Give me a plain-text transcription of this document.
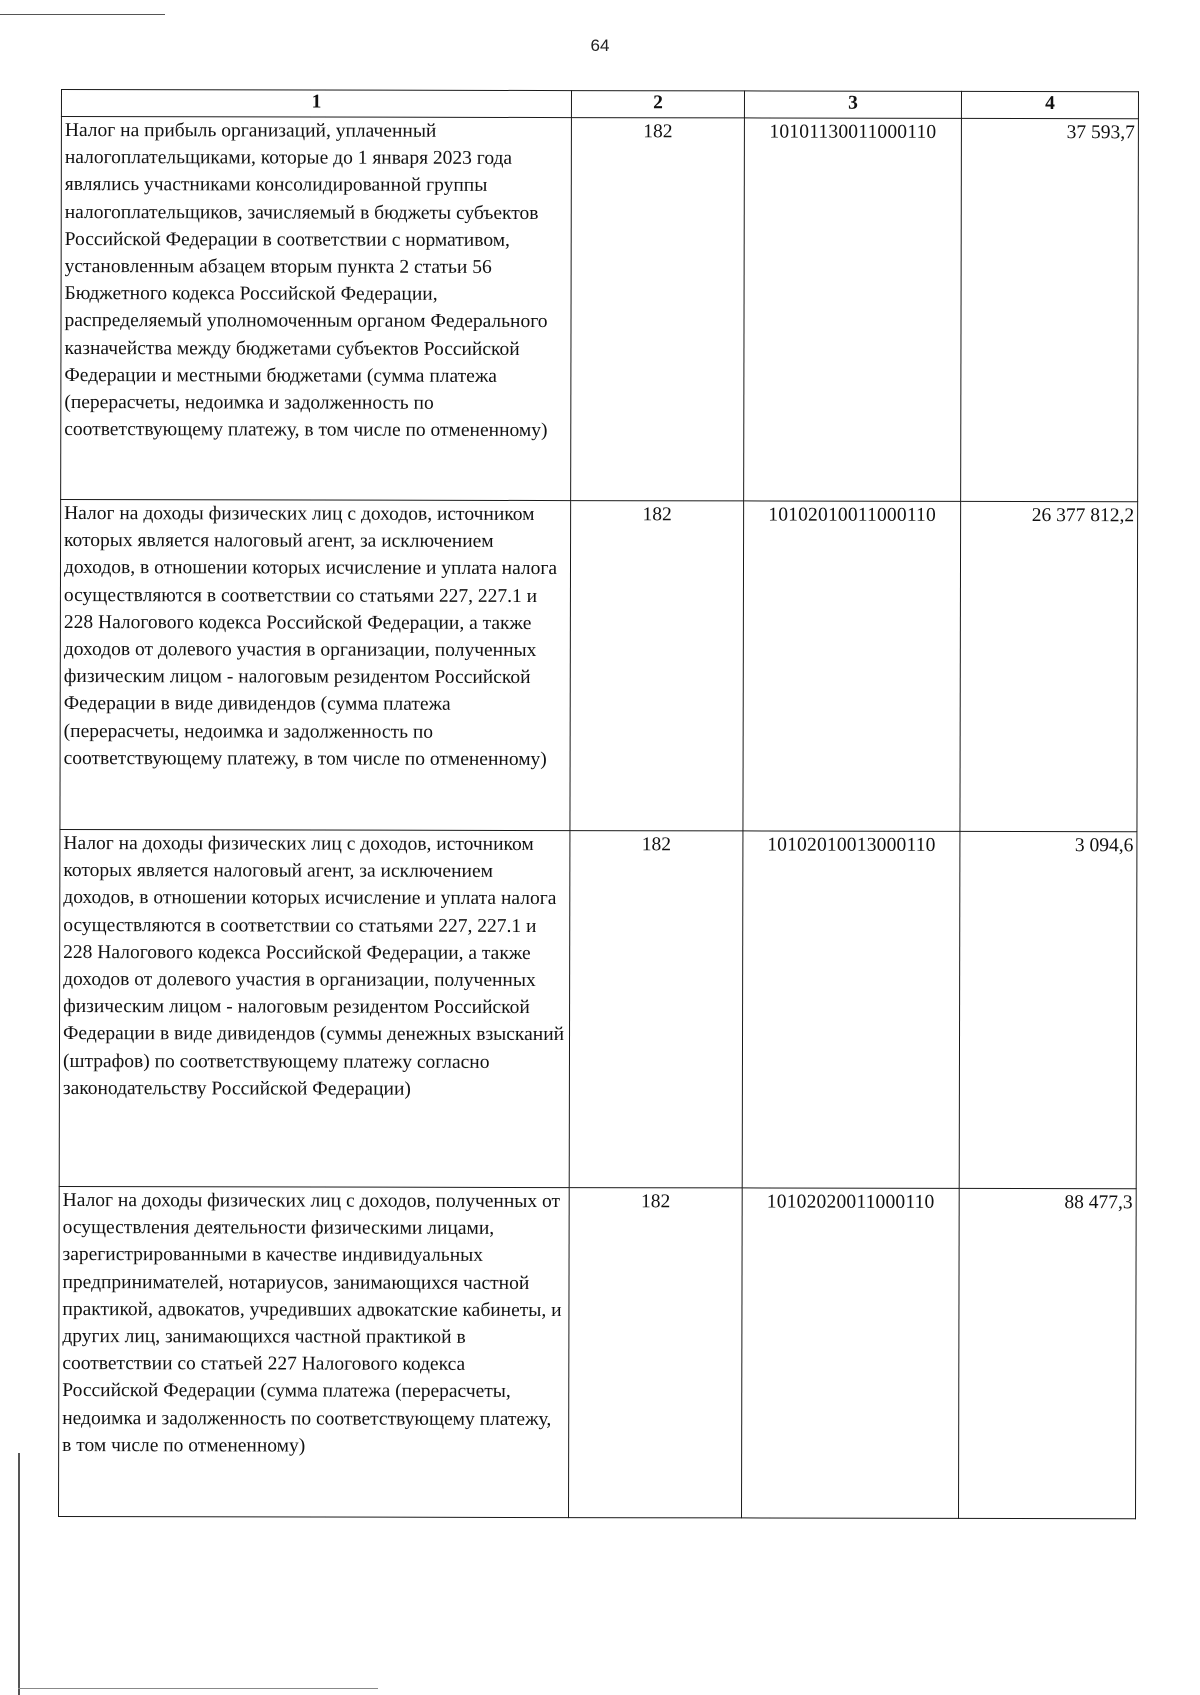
64
1	2	3	4
Налог на прибыль организаций, уплаченный налогоплательщиками, которые до 1 января 2023 года являлись участниками консолидированной группы налогоплательщиков, зачисляемый в бюджеты субъектов Российской Федерации в соответствии с нормативом, установленным абзацем вторым пункта 2 статьи 56 Бюджетного кодекса Российской Федерации, распределяемый уполномоченным органом Федерального казначейства между бюджетами субъектов Российской Федерации и местными бюджетами (сумма платежа (перерасчеты, недоимка и задолженность по соответствующему платежу, в том числе по отмененному)	182	10101130011000110	37 593,7
Налог на доходы физических лиц с доходов, источником которых является налоговый агент, за исключением доходов, в отношении которых исчисление и уплата налога осуществляются в соответствии со статьями 227, 227.1 и 228 Налогового кодекса Российской Федерации, а также доходов от долевого участия в организации, полученных физическим лицом - налоговым резидентом Российской Федерации в виде дивидендов (сумма платежа (перерасчеты, недоимка и задолженность по соответствующему платежу, в том числе по отмененному)	182	10102010011000110	26 377 812,2
Налог на доходы физических лиц с доходов, источником которых является налоговый агент, за исключением доходов, в отношении которых исчисление и уплата налога осуществляются в соответствии со статьями 227, 227.1 и 228 Налогового кодекса Российской Федерации, а также доходов от долевого участия в организации, полученных физическим лицом - налоговым резидентом Российской Федерации в виде дивидендов (суммы денежных взысканий (штрафов) по соответствующему платежу согласно законодательству Российской Федерации)	182	10102010013000110	3 094,6
Налог на доходы физических лиц с доходов, полученных от осуществления деятельности физическими лицами, зарегистрированными в качестве индивидуальных предпринимателей, нотариусов, занимающихся частной практикой, адвокатов, учредивших адвокатские кабинеты, и других лиц, занимающихся частной практикой в соответствии со статьей 227 Налогового кодекса Российской Федерации (сумма платежа (перерасчеты, недоимка и задолженность по соответствующему платежу, в том числе по отмененному)	182	10102020011000110	88 477,3
